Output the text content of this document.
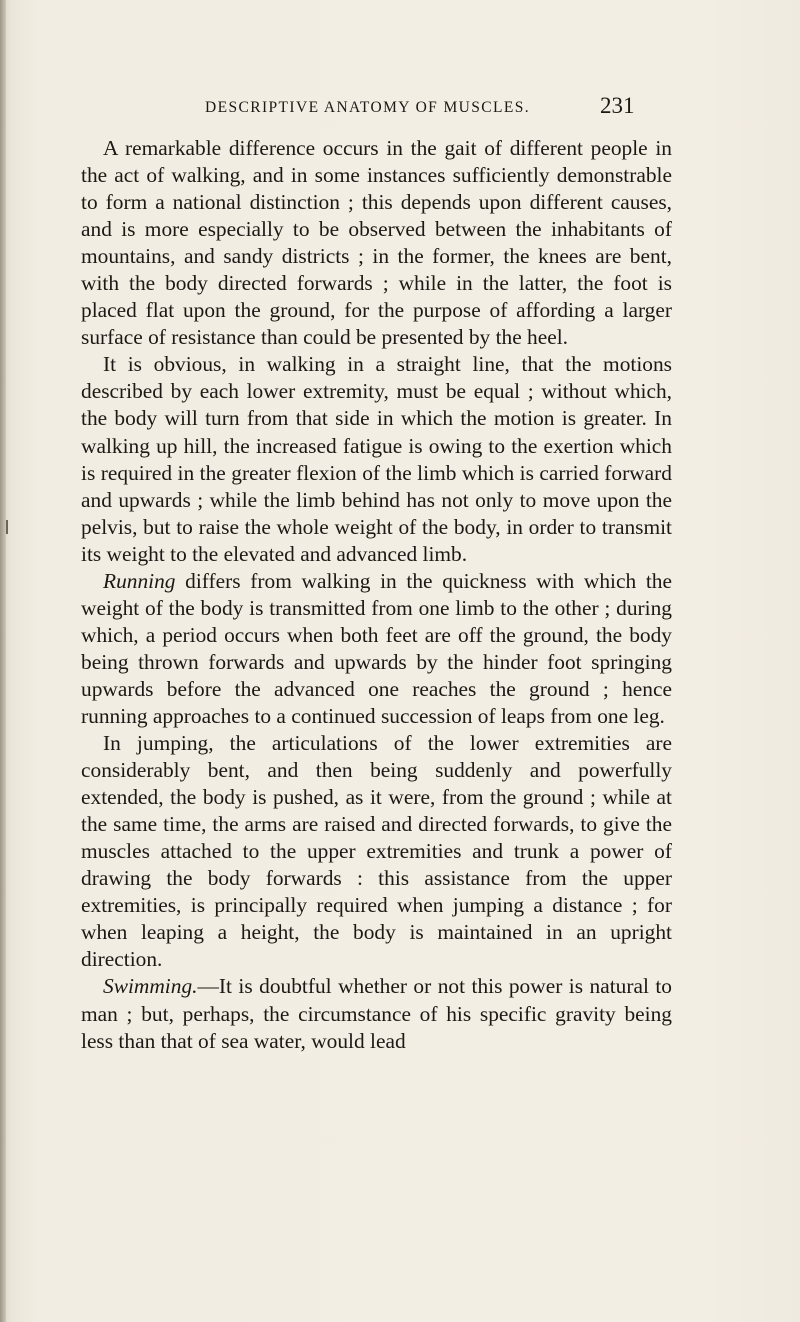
DESCRIPTIVE ANATOMY OF MUSCLES.	231

A remarkable difference occurs in the gait of different people in the act of walking, and in some instances sufficiently demonstrable to form a national distinction ; this depends upon different causes, and is more especially to be observed between the inhabitants of mountains, and sandy districts ; in the former, the knees are bent, with the body directed forwards ; while in the latter, the foot is placed flat upon the ground, for the purpose of affording a larger surface of resistance than could be presented by the heel.

It is obvious, in walking in a straight line, that the motions described by each lower extremity, must be equal ; without which, the body will turn from that side in which the motion is greater. In walking up hill, the increased fatigue is owing to the exertion which is required in the greater flexion of the limb which is carried forward and upwards ; while the limb behind has not only to move upon the pelvis, but to raise the whole weight of the body, in order to transmit its weight to the elevated and advanced limb.

Running differs from walking in the quickness with which the weight of the body is transmitted from one limb to the other ; during which, a period occurs when both feet are off the ground, the body being thrown forwards and upwards by the hinder foot springing upwards before the advanced one reaches the ground ; hence running approaches to a continued succession of leaps from one leg.

In jumping, the articulations of the lower extremities are considerably bent, and then being suddenly and powerfully extended, the body is pushed, as it were, from the ground ; while at the same time, the arms are raised and directed forwards, to give the muscles attached to the upper extremities and trunk a power of drawing the body forwards : this assistance from the upper extremities, is principally required when jumping a distance ; for when leaping a height, the body is maintained in an upright direction.

Swimming.—It is doubtful whether or not this power is natural to man ; but, perhaps, the circumstance of his specific gravity being less than that of sea water, would lead
